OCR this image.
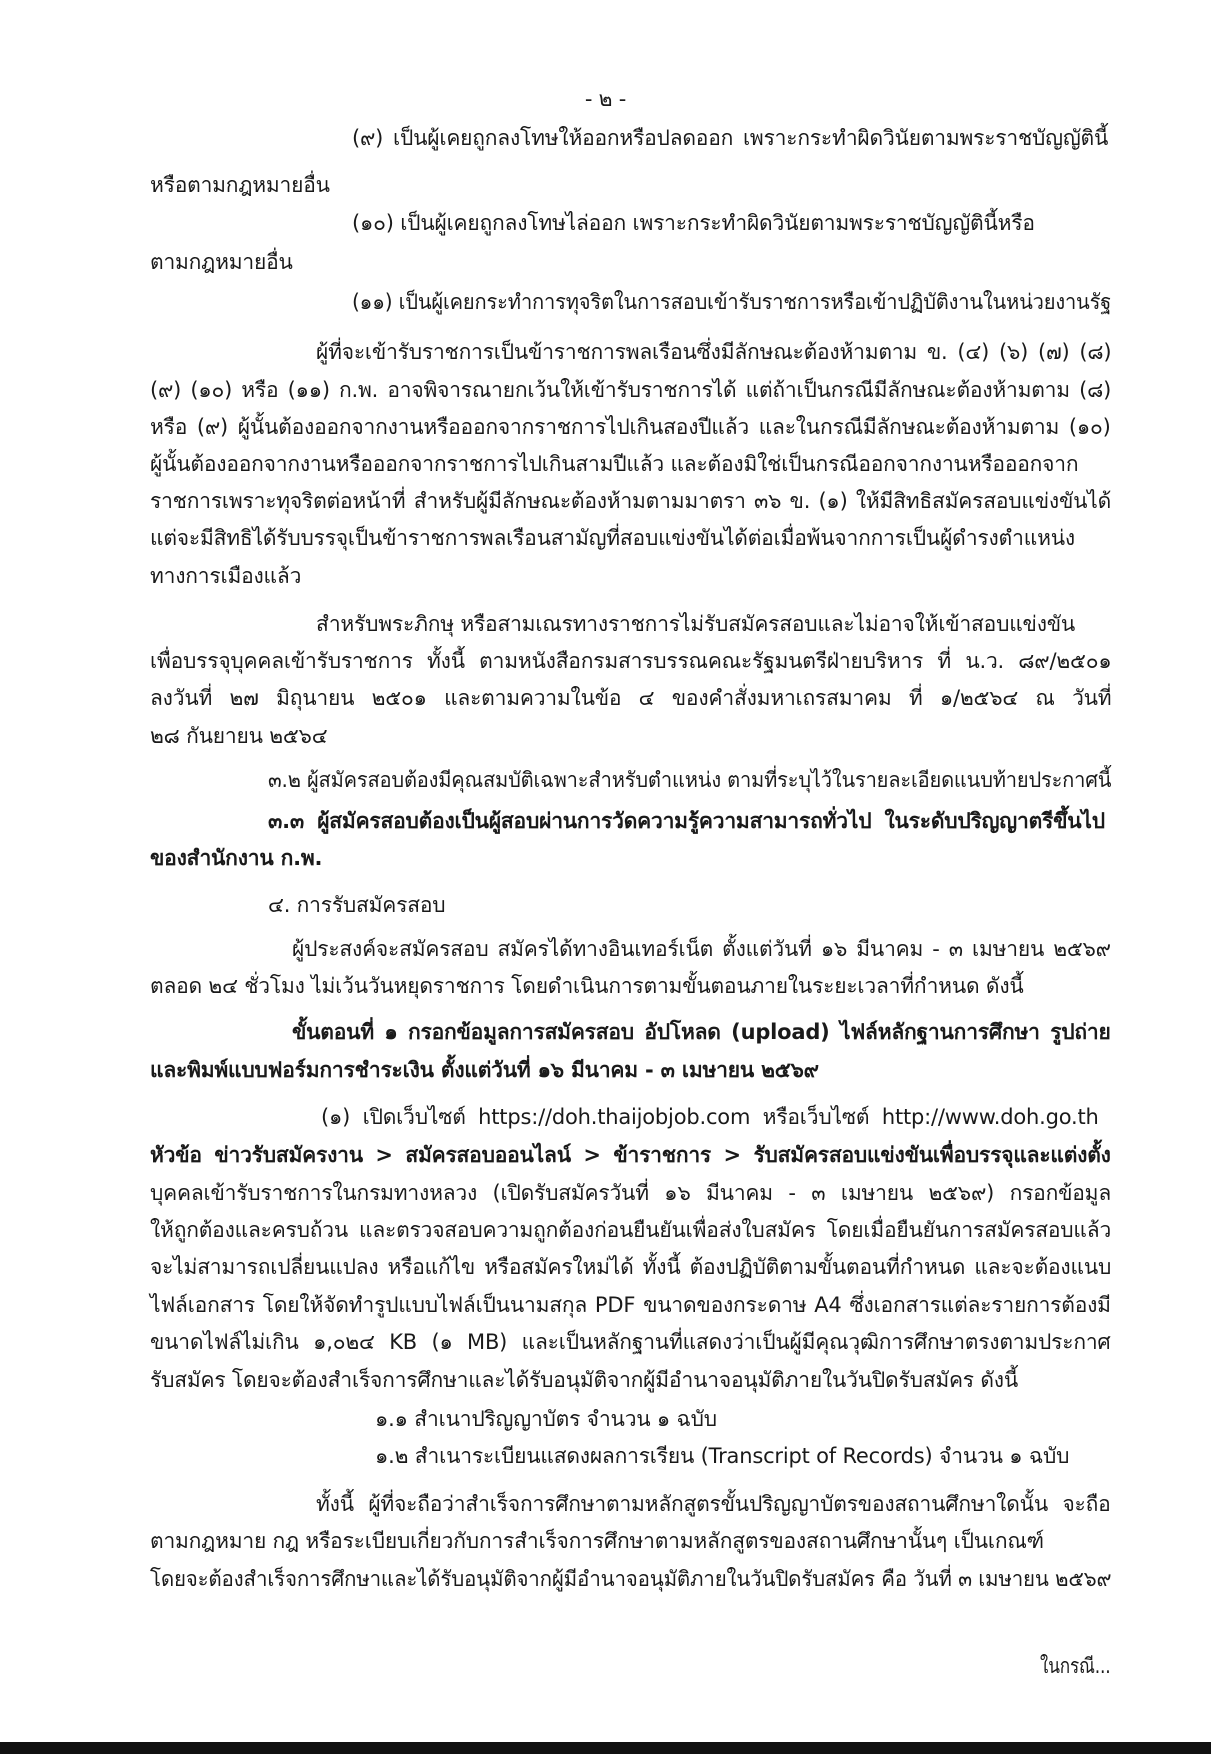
- ๒ -
(๙) เป็นผู้เคยถูกลงโทษให้ออกหรือปลดออก เพราะกระทำผิดวินัยตามพระราชบัญญัตินี้
หรือตามกฎหมายอื่น
(๑๐) เป็นผู้เคยถูกลงโทษไล่ออก เพราะกระทำผิดวินัยตามพระราชบัญญัตินี้หรือ
ตามกฎหมายอื่น
(๑๑) เป็นผู้เคยกระทำการทุจริตในการสอบเข้ารับราชการหรือเข้าปฏิบัติงานในหน่วยงานรัฐ
ผู้ที่จะเข้ารับราชการเป็นข้าราชการพลเรือนซึ่งมีลักษณะต้องห้ามตาม ข. (๔) (๖) (๗) (๘)
(๙) (๑๐) หรือ (๑๑) ก.พ. อาจพิจารณายกเว้นให้เข้ารับราชการได้ แต่ถ้าเป็นกรณีมีลักษณะต้องห้ามตาม (๘)
หรือ (๙) ผู้นั้นต้องออกจากงานหรือออกจากราชการไปเกินสองปีแล้ว และในกรณีมีลักษณะต้องห้ามตาม (๑๐)
ผู้นั้นต้องออกจากงานหรือออกจากราชการไปเกินสามปีแล้ว และต้องมิใช่เป็นกรณีออกจากงานหรือออกจาก
ราชการเพราะทุจริตต่อหน้าที่ สำหรับผู้มีลักษณะต้องห้ามตามมาตรา ๓๖ ข. (๑) ให้มีสิทธิสมัครสอบแข่งขันได้
แต่จะมีสิทธิได้รับบรรจุเป็นข้าราชการพลเรือนสามัญที่สอบแข่งขันได้ต่อเมื่อพ้นจากการเป็นผู้ดำรงตำแหน่ง
ทางการเมืองแล้ว
สำหรับพระภิกษุ หรือสามเณรทางราชการไม่รับสมัครสอบและไม่อาจให้เข้าสอบแข่งขัน
เพื่อบรรจุบุคคลเข้ารับราชการ ทั้งนี้ ตามหนังสือกรมสารบรรณคณะรัฐมนตรีฝ่ายบริหาร ที่ น.ว. ๘๙/๒๕๐๑
ลงวันที่ ๒๗ มิถุนายน ๒๕๐๑ และตามความในข้อ ๔ ของคำสั่งมหาเถรสมาคม ที่ ๑/๒๕๖๔ ณ วันที่
๒๘ กันยายน ๒๕๖๔
๓.๒ ผู้สมัครสอบต้องมีคุณสมบัติเฉพาะสำหรับตำแหน่ง ตามที่ระบุไว้ในรายละเอียดแนบท้ายประกาศนี้
๓.๓ ผู้สมัครสอบต้องเป็นผู้สอบผ่านการวัดความรู้ความสามารถทั่วไป ในระดับปริญญาตรีขึ้นไป
ของสำนักงาน ก.พ.
๔. การรับสมัครสอบ
ผู้ประสงค์จะสมัครสอบ สมัครได้ทางอินเทอร์เน็ต ตั้งแต่วันที่ ๑๖ มีนาคม - ๓ เมษายน ๒๕๖๙
ตลอด ๒๔ ชั่วโมง ไม่เว้นวันหยุดราชการ โดยดำเนินการตามขั้นตอนภายในระยะเวลาที่กำหนด ดังนี้
ขั้นตอนที่ ๑ กรอกข้อมูลการสมัครสอบ อัปโหลด (upload) ไฟล์หลักฐานการศึกษา รูปถ่าย
และพิมพ์แบบฟอร์มการชำระเงิน ตั้งแต่วันที่ ๑๖ มีนาคม - ๓ เมษายน ๒๕๖๙
(๑) เปิดเว็บไซต์ https://doh.thaijobjob.com หรือเว็บไซต์ http://www.doh.go.th
หัวข้อ ข่าวรับสมัครงาน > สมัครสอบออนไลน์ > ข้าราชการ > รับสมัครสอบแข่งขันเพื่อบรรจุและแต่งตั้ง
บุคคลเข้ารับราชการในกรมทางหลวง (เปิดรับสมัครวันที่ ๑๖ มีนาคม - ๓ เมษายน ๒๕๖๙) กรอกข้อมูล
ให้ถูกต้องและครบถ้วน และตรวจสอบความถูกต้องก่อนยืนยันเพื่อส่งใบสมัคร โดยเมื่อยืนยันการสมัครสอบแล้ว
จะไม่สามารถเปลี่ยนแปลง หรือแก้ไข หรือสมัครใหม่ได้ ทั้งนี้ ต้องปฏิบัติตามขั้นตอนที่กำหนด และจะต้องแนบ
ไฟล์เอกสาร โดยให้จัดทำรูปแบบไฟล์เป็นนามสกุล PDF ขนาดของกระดาษ A4 ซึ่งเอกสารแต่ละรายการต้องมี
ขนาดไฟล์ไม่เกิน ๑,๐๒๔ KB (๑ MB) และเป็นหลักฐานที่แสดงว่าเป็นผู้มีคุณวุฒิการศึกษาตรงตามประกาศ
รับสมัคร โดยจะต้องสำเร็จการศึกษาและได้รับอนุมัติจากผู้มีอำนาจอนุมัติภายในวันปิดรับสมัคร ดังนี้
๑.๑ สำเนาปริญญาบัตร จำนวน ๑ ฉบับ
๑.๒ สำเนาระเบียนแสดงผลการเรียน (Transcript of Records) จำนวน ๑ ฉบับ
ทั้งนี้ ผู้ที่จะถือว่าสำเร็จการศึกษาตามหลักสูตรขั้นปริญญาบัตรของสถานศึกษาใดนั้น จะถือ
ตามกฎหมาย กฎ หรือระเบียบเกี่ยวกับการสำเร็จการศึกษาตามหลักสูตรของสถานศึกษานั้นๆ เป็นเกณฑ์
โดยจะต้องสำเร็จการศึกษาและได้รับอนุมัติจากผู้มีอำนาจอนุมัติภายในวันปิดรับสมัคร คือ วันที่ ๓ เมษายน ๒๕๖๙
ในกรณี...
